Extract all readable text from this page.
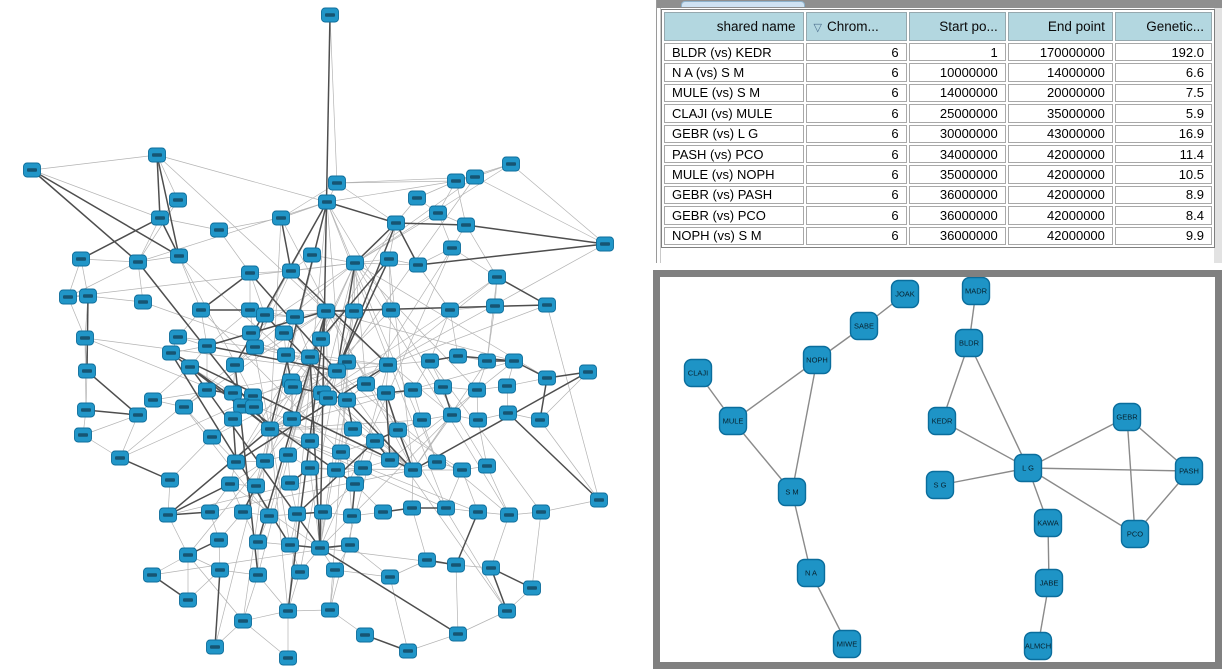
shared name	▽ Chrom...	Start po...	End point	Genetic...
BLDR (vs) KEDR	6	1	170000000	192.0
N A (vs) S M	6	10000000	14000000	6.6
MULE (vs) S M	6	14000000	20000000	7.5
CLAJI (vs) MULE	6	25000000	35000000	5.9
GEBR (vs) L G	6	30000000	43000000	16.9
PASH (vs) PCO	6	34000000	42000000	11.4
MULE (vs) NOPH	6	35000000	42000000	10.5
GEBR (vs) PASH	6	36000000	42000000	8.9
GEBR (vs) PCO	6	36000000	42000000	8.4
NOPH (vs) S M	6	36000000	42000000	9.9
JOAK
SABE
NOPH
CLAJI
MULE
S M
N A
MIWE
MADR
BLDR
KEDR	GEBR
L G
S G
PASH
KAWA
PCO
JABE
ALMCH
